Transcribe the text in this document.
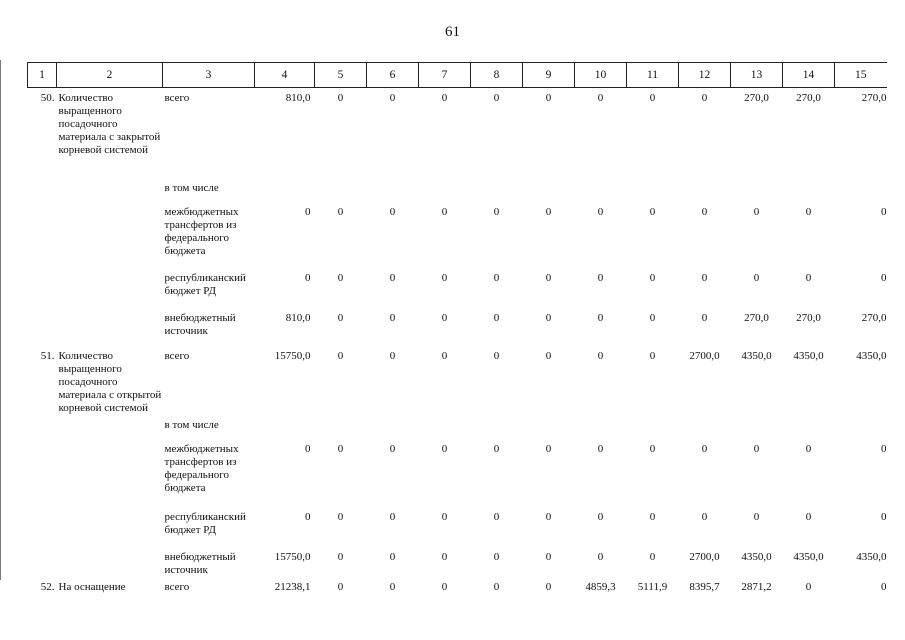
61
1	2	3	4	5	6	7	8	9	10	11	12	13	14	15
50.	Количество выращенного посадочного материала с закрытой корневой системой	всего	810,0	0	0	0	0	0	0	0	0	270,0	270,0	270,0
		в том числе												
		межбюджетных трансфертов из федерального бюджета	0	0	0	0	0	0	0	0	0	0	0	0
		республиканский бюджет РД	0	0	0	0	0	0	0	0	0	0	0	0
		внебюджетный источник	810,0	0	0	0	0	0	0	0	0	270,0	270,0	270,0
51.	Количество выращенного посадочного материала с открытой корневой системой	всего	15750,0	0	0	0	0	0	0	0	2700,0	4350,0	4350,0	4350,0
		в том числе												
		межбюджетных трансфертов из федерального бюджета	0	0	0	0	0	0	0	0	0	0	0	0
		республиканский бюджет РД	0	0	0	0	0	0	0	0	0	0	0	0
		внебюджетный источник	15750,0	0	0	0	0	0	0	0	2700,0	4350,0	4350,0	4350,0
52.	На оснащение	всего	21238,1	0	0	0	0	0	4859,3	5111,9	8395,7	2871,2	0	0
